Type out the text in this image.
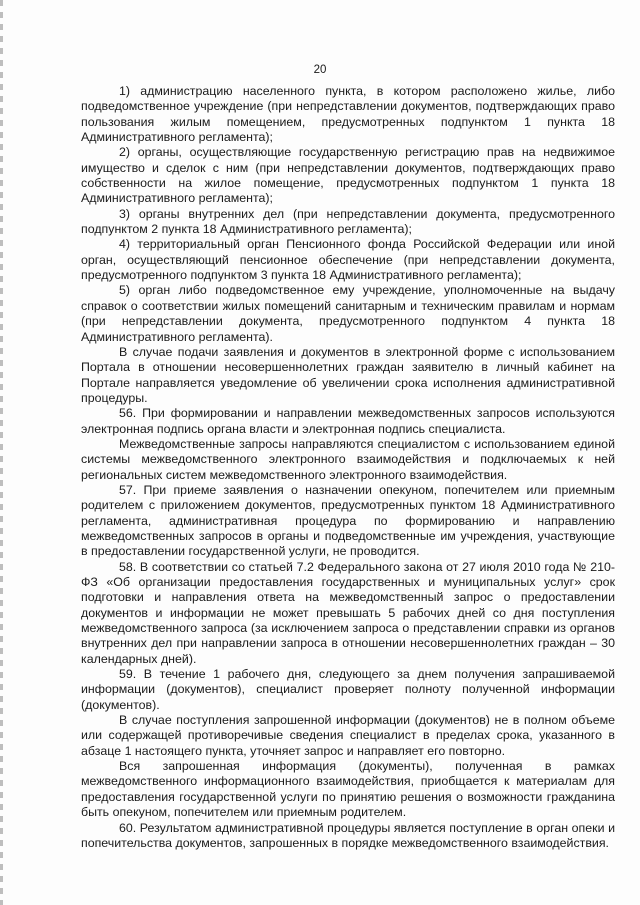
20

1) администрацию населенного пункта, в котором расположено жилье, либо подведомственное учреждение (при непредставлении документов, подтверждающих право пользования жилым помещением, предусмотренных подпунктом 1 пункта 18 Административного регламента);

2) органы, осуществляющие государственную регистрацию прав на недвижимое имущество и сделок с ним (при непредставлении документов, подтверждающих право собственности на жилое помещение, предусмотренных подпунктом 1 пункта 18 Административного регламента);

3) органы внутренних дел (при непредставлении документа, предусмотренного подпунктом 2 пункта 18 Административного регламента);

4) территориальный орган Пенсионного фонда Российской Федерации или иной орган, осуществляющий пенсионное обеспечение (при непредставлении документа, предусмотренного подпунктом 3 пункта 18 Административного регламента);

5) орган либо подведомственное ему учреждение, уполномоченные на выдачу справок о соответствии жилых помещений санитарным и техническим правилам и нормам (при непредставлении документа, предусмотренного подпунктом 4 пункта 18 Административного регламента).

В случае подачи заявления и документов в электронной форме с использованием Портала в отношении несовершеннолетних граждан заявителю в личный кабинет на Портале направляется уведомление об увеличении срока исполнения административной процедуры.

56. При формировании и направлении межведомственных запросов используются электронная подпись органа власти и электронная подпись специалиста.

Межведомственные запросы направляются специалистом с использованием единой системы межведомственного электронного взаимодействия и подключаемых к ней региональных систем межведомственного электронного взаимодействия.

57. При приеме заявления о назначении опекуном, попечителем или приемным родителем с приложением документов, предусмотренных пунктом 18 Административного регламента, административная процедура по формированию и направлению межведомственных запросов в органы и подведомственные им учреждения, участвующие в предоставлении государственной услуги, не проводится.

58. В соответствии со статьей 7.2 Федерального закона от 27 июля 2010 года № 210-ФЗ «Об организации предоставления государственных и муниципальных услуг» срок подготовки и направления ответа на межведомственный запрос о предоставлении документов и информации не может превышать 5 рабочих дней со дня поступления межведомственного запроса (за исключением запроса о представлении справки из органов внутренних дел при направлении запроса в отношении несовершеннолетних граждан – 30 календарных дней).

59. В течение 1 рабочего дня, следующего за днем получения запрашиваемой информации (документов), специалист проверяет полноту полученной информации (документов).

В случае поступления запрошенной информации (документов) не в полном объеме или содержащей противоречивые сведения специалист в пределах срока, указанного в абзаце 1 настоящего пункта, уточняет запрос и направляет его повторно.

Вся запрошенная информация (документы), полученная в рамках межведомственного информационного взаимодействия, приобщается к материалам для предоставления государственной услуги по принятию решения о возможности гражданина быть опекуном, попечителем или приемным родителем.

60. Результатом административной процедуры является поступление в орган опеки и попечительства документов, запрошенных в порядке межведомственного взаимодействия.
